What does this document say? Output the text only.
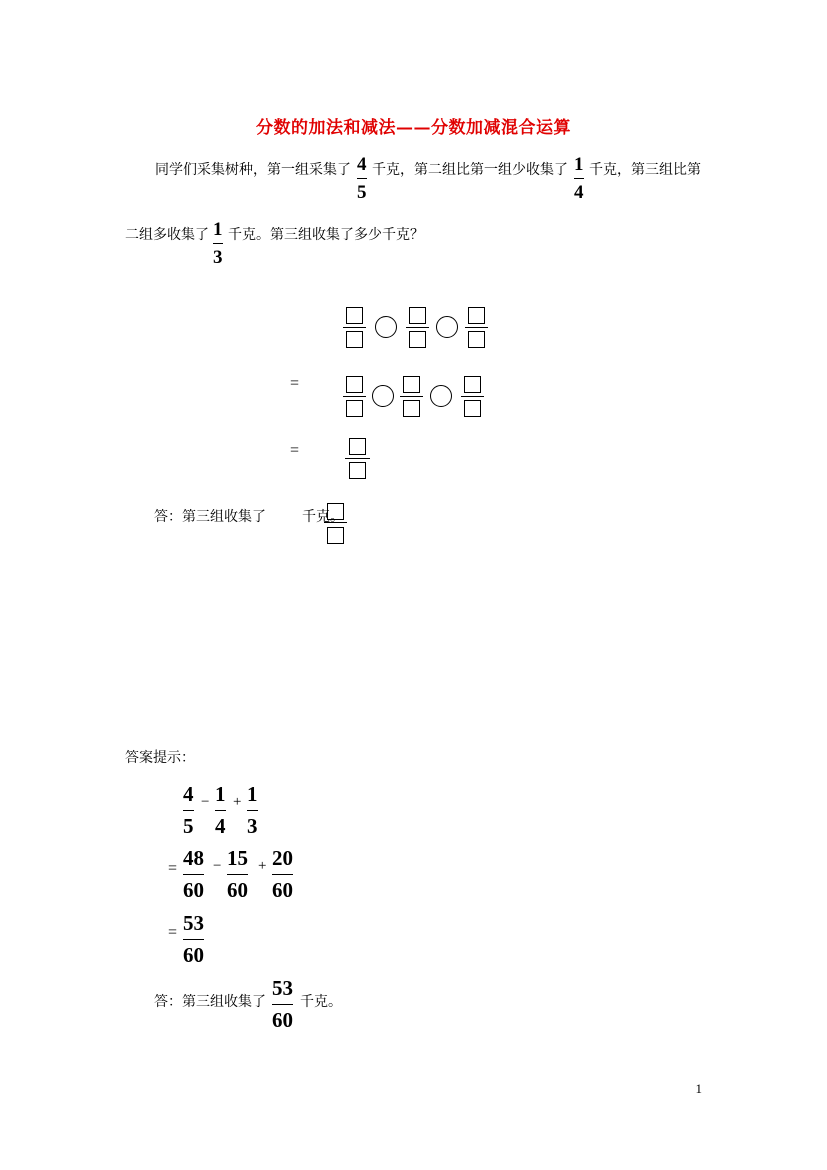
分数的加法和减法——分数加减混合运算
同学们采集树种，第一组采集了 4
5
千克，第二组比第一组少收集了 1
4
千克，第三组比第
二组多收集了 1
3
千克。第三组收集了多少千克？
=
=
答：第三组收集了	千克。
答案提示：
4
5
− 1
4
+ 1
3
= 48
60
− 15
60
+ 20
60
= 53
60
答：第三组收集了
53
60
千克。
1
